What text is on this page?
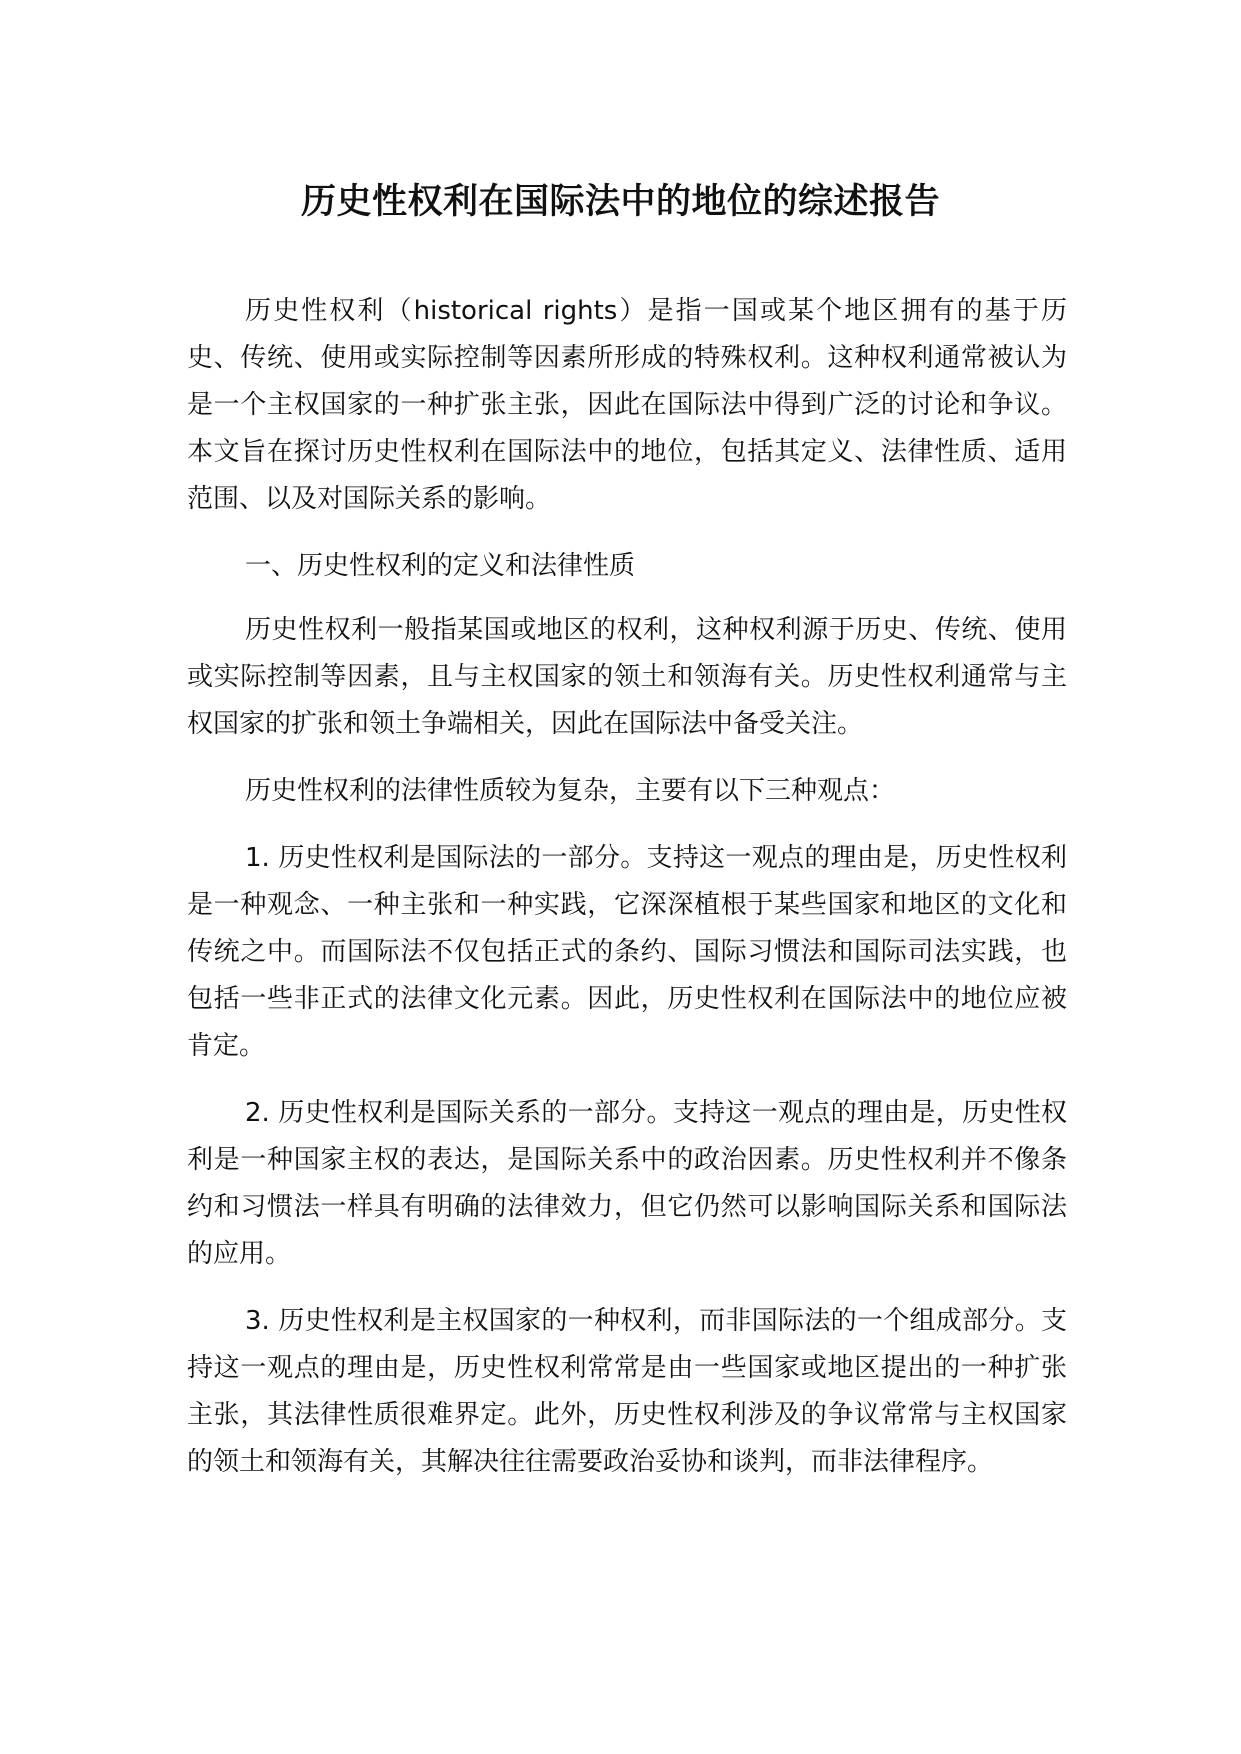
历史性权利在国际法中的地位的综述报告

历史性权利（historical rights）是指一国或某个地区拥有的基于历史、传统、使用或实际控制等因素所形成的特殊权利。这种权利通常被认为是一个主权国家的一种扩张主张，因此在国际法中得到广泛的讨论和争议。本文旨在探讨历史性权利在国际法中的地位，包括其定义、法律性质、适用范围、以及对国际关系的影响。

一、历史性权利的定义和法律性质

历史性权利一般指某国或地区的权利，这种权利源于历史、传统、使用或实际控制等因素，且与主权国家的领土和领海有关。历史性权利通常与主权国家的扩张和领土争端相关，因此在国际法中备受关注。

历史性权利的法律性质较为复杂，主要有以下三种观点：

1. 历史性权利是国际法的一部分。支持这一观点的理由是，历史性权利是一种观念、一种主张和一种实践，它深深植根于某些国家和地区的文化和传统之中。而国际法不仅包括正式的条约、国际习惯法和国际司法实践，也包括一些非正式的法律文化元素。因此，历史性权利在国际法中的地位应被肯定。

2. 历史性权利是国际关系的一部分。支持这一观点的理由是，历史性权利是一种国家主权的表达，是国际关系中的政治因素。历史性权利并不像条约和习惯法一样具有明确的法律效力，但它仍然可以影响国际关系和国际法的应用。

3. 历史性权利是主权国家的一种权利，而非国际法的一个组成部分。支持这一观点的理由是，历史性权利常常是由一些国家或地区提出的一种扩张主张，其法律性质很难界定。此外，历史性权利涉及的争议常常与主权国家的领土和领海有关，其解决往往需要政治妥协和谈判，而非法律程序。
